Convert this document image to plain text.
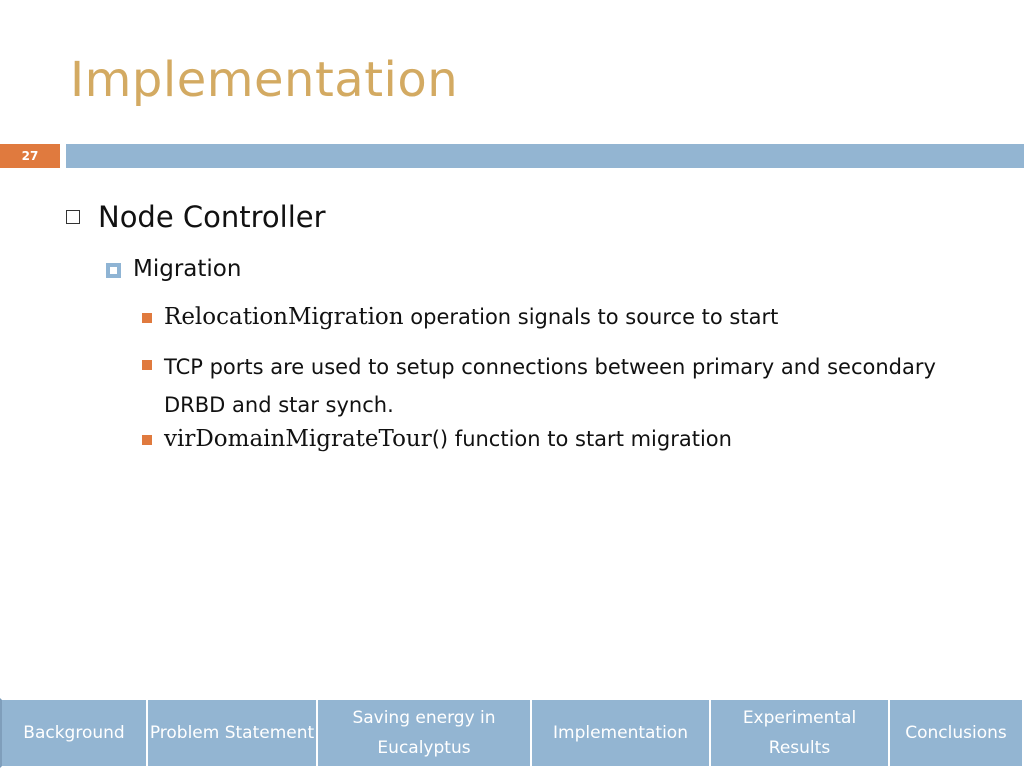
Implementation
27
Node Controller
Migration
RelocationMigration operation signals to source to start
TCP ports are used to setup connections between primary and secondary DRBD and star synch.
virDomainMigrateTour() function to start migration
Background	Problem Statement
Saving energy in Eucalyptus
Implementation
Experimental Results
Conclusions
